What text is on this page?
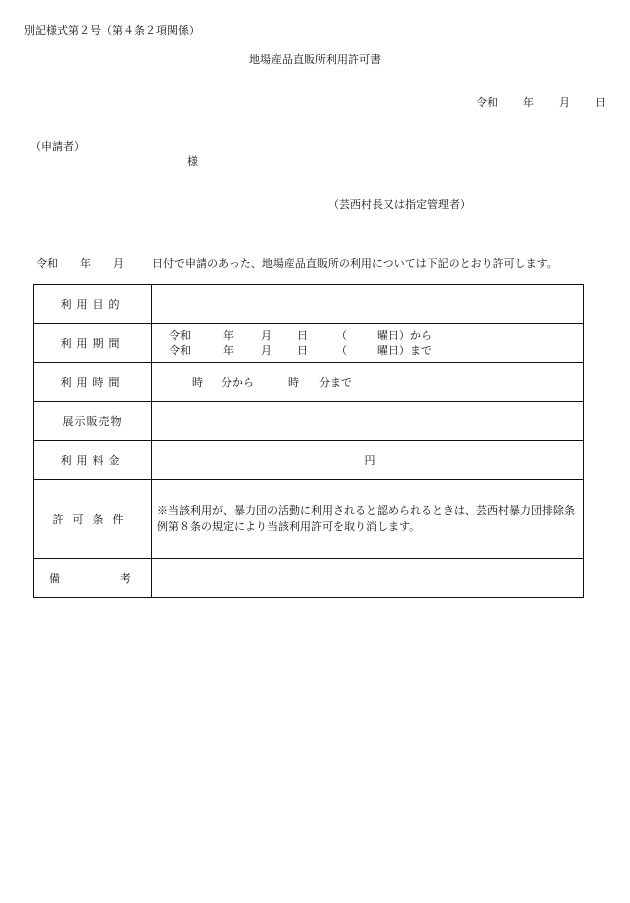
別記様式第２号（第４条２項関係）
地場産品直販所利用許可書
令和 年 月 日
（申請者）
様
（芸西村長又は指定管理者）
令和 年 月	日付で申請のあった、地場産品直販所の利用については下記のとおり許可します。
利用目的	
利用期間	令和 年 月 日 （ 曜日）から
令和 年 月 日 （ 曜日）まで

利用時間	時 分から 時 分まで

展示販売物	
利用料金	円
許可条件	※当該利用が、暴力団の活動に利用されると認められるときは、芸西村暴力団排除条例第８条の規定により当該利用許可を取り消します。
備 考	
